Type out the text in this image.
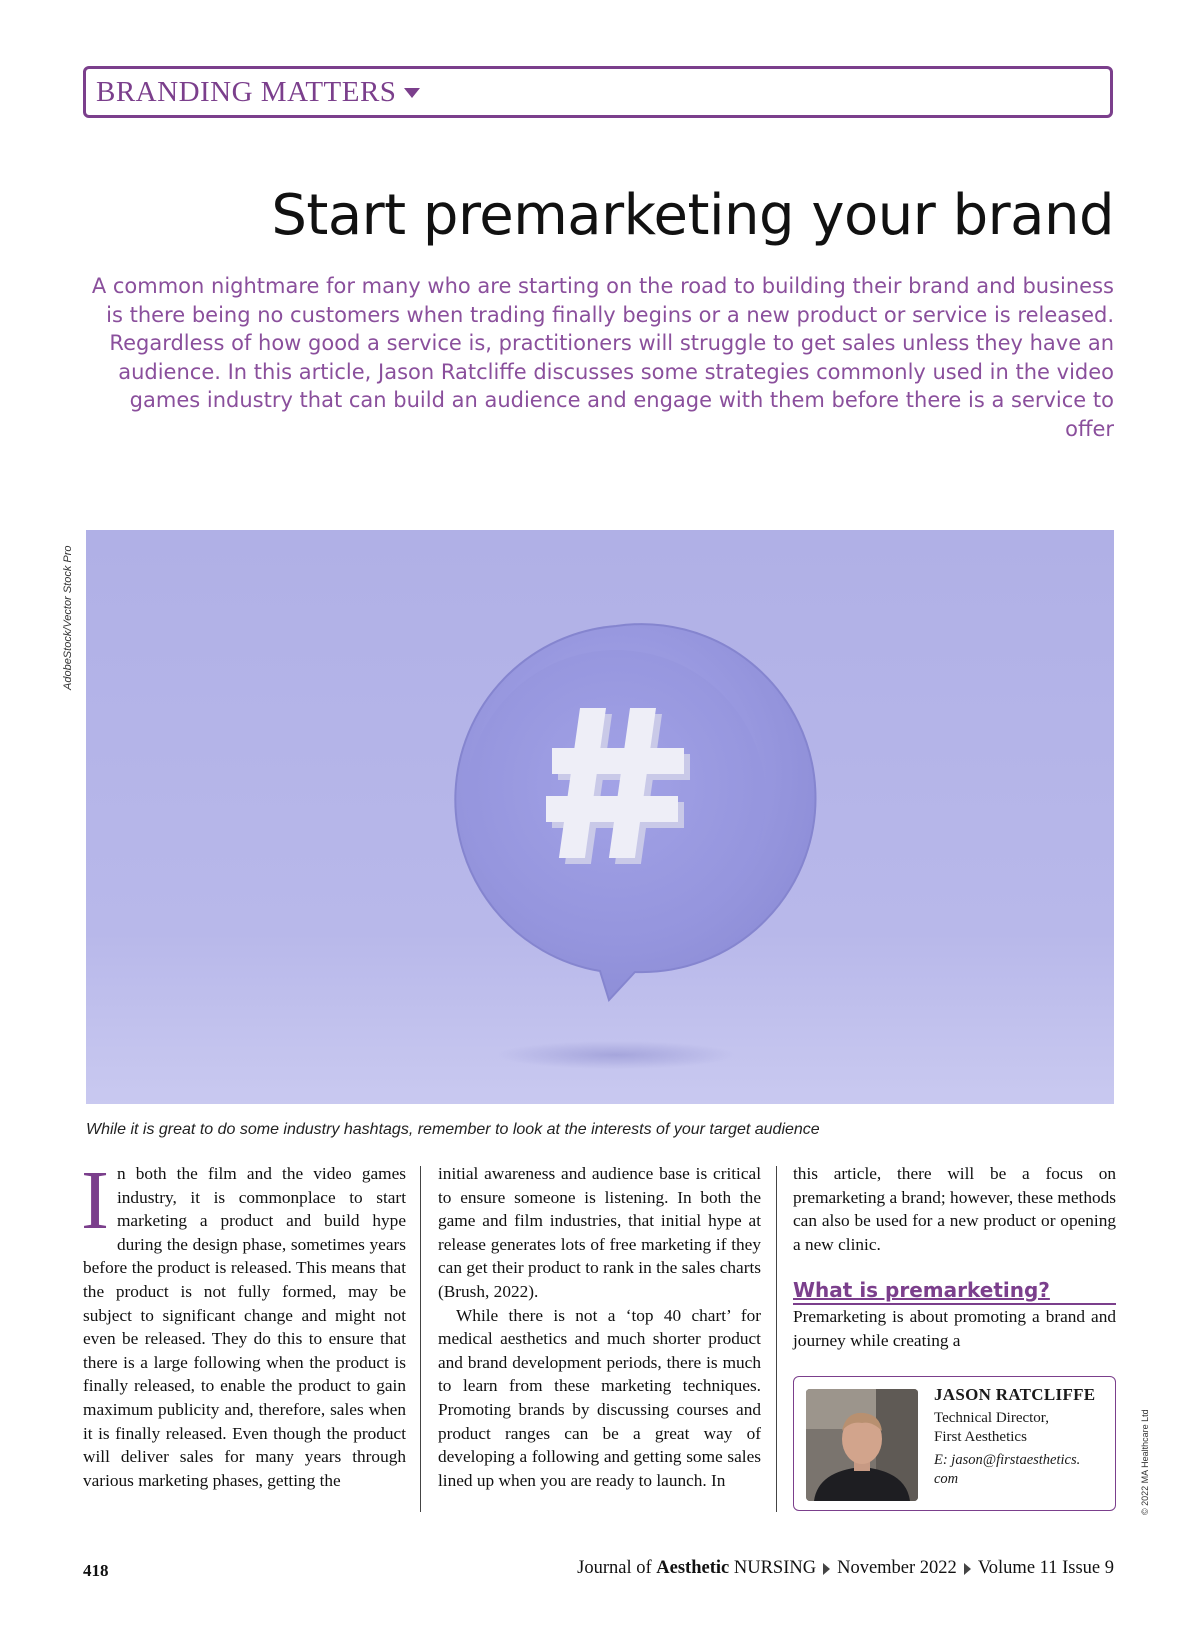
BRANDING MATTERS
Start premarketing your brand

A common nightmare for many who are starting on the road to building their brand and business is there being no customers when trading finally begins or a new product or service is released. Regardless of how good a service is, practitioners will struggle to get sales unless they have an audience. In this article, Jason Ratcliffe discusses some strategies commonly used in the video games industry that can build an audience and engage with them before there is a service to offer

AdobeStock/Vector Stock Pro
While it is great to do some industry hashtags, remember to look at the interests of your target audience

In both the film and the video games industry, it is commonplace to start marketing a product and build hype during the design phase, sometimes years before the product is released. This means that the product is not fully formed, may be subject to significant change and might not even be released. They do this to ensure that there is a large following when the product is finally released, to enable the product to gain maximum publicity and, therefore, sales when it is finally released. Even though the product will deliver sales for many years through various marketing phases, getting the

initial awareness and audience base is critical to ensure someone is listening. In both the game and film industries, that initial hype at release generates lots of free marketing if they can get their product to rank in the sales charts (Brush, 2022).

While there is not a ‘top 40 chart’ for medical aesthetics and much shorter product and brand development periods, there is much to learn from these marketing techniques. Promoting brands by discussing courses and product ranges can be a great way of developing a following and getting some sales lined up when you are ready to launch. In

this article, there will be a focus on premarketing a brand; however, these methods can also be used for a new product or opening a new clinic.

What is premarketing?

Premarketing is about promoting a brand and journey while creating a

JASON RATCLIFFE
Technical Director,
First Aesthetics
E: jason@firstaesthetics.
com	© 2022 MA Healthcare Ltd
418	Journal of Aesthetic NURSING November 2022 Volume 11 Issue 9
